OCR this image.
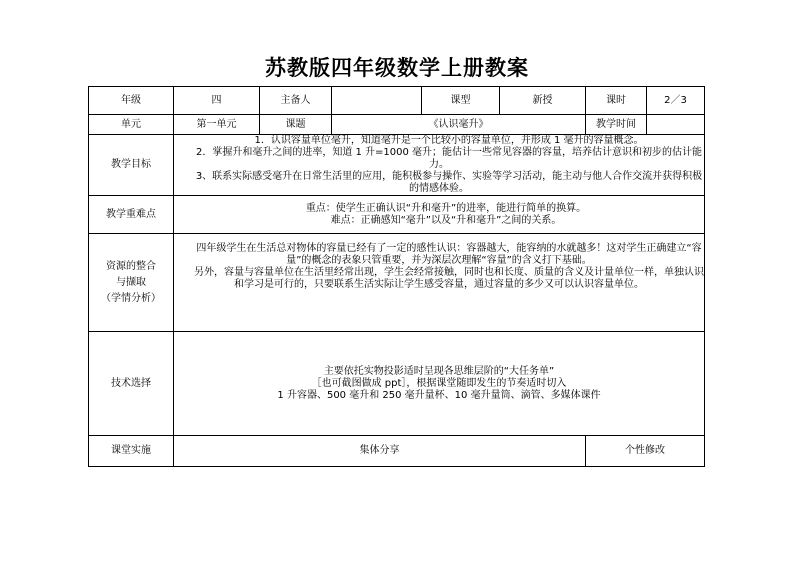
苏教版四年级数学上册教案
年级	四	主备人		课型	新授	课时	2／3
单元	第一单元	课题	《认识毫升》			教学时间	
教学目标	1．认识容量单位毫升，知道毫升是一个比较小的容量单位，并形成 1 毫升的容量概念。
2．掌握升和毫升之间的进率，知道 1 升=1000 毫升；能估计一些常见容器的容量，培养估计意识和初步的估计能力。
3、联系实际感受毫升在日常生活里的应用，能积极参与操作、实验等学习活动，能主动与他人合作交流并获得积极的情感体验。						

教学重难点	重点：使学生正确认识“升和毫升”的进率，能进行简单的换算。
难点：正确感知“毫升”以及“升和毫升”之间的关系。						

资源的整合
与撷取
（学情分析）	四年级学生在生活总对物体的容量已经有了一定的感性认识：容器越大，能容纳的水就越多！这对学生正确建立“容量”的概念的表象只管重要，并为深层次理解“容量”的含义打下基础。
另外，容量与容量单位在生活里经常出现，学生会经常接触，同时也和长度、质量的含义及计量单位一样，单独认识和学习是可行的，只要联系生活实际让学生感受容量，通过容量的多少又可以认识容量单位。						

技术选择	主要依托实物投影适时呈现各思维层阶的“大任务单”
［也可截图做成 ppt］，根据课堂随即发生的节奏适时切入
1 升容器、500 毫升和 250 毫升量杯、10 毫升量筒、滴管、多媒体课件						

课堂实施	集体分享					个性修改	
